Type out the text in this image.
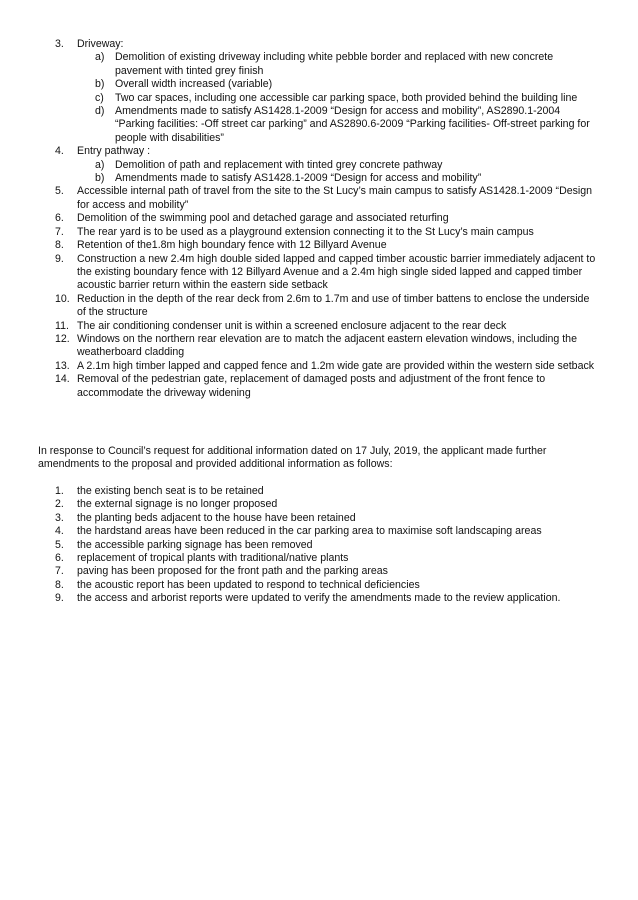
3.	Driveway:
a) Demolition of existing driveway including white pebble border and replaced with new concrete pavement with tinted grey finish
b) Overall width increased (variable)
c) Two car spaces, including one accessible car parking space, both provided behind the building line
d) Amendments made to satisfy AS1428.1-2009 “Design for access and mobility”, AS2890.1-2004 “Parking facilities: -Off street car parking” and AS2890.6-2009 “Parking facilities- Off-street parking for people with disabilities”
4.	Entry pathway :
a) Demolition of path and replacement with tinted grey concrete pathway
b) Amendments made to satisfy AS1428.1-2009 “Design for access and mobility”
5.	Accessible internal path of travel from the site to the St Lucy’s main campus to satisfy AS1428.1-2009 “Design for access and mobility”
6.	Demolition of the swimming pool and detached garage and associated returfing
7.	The rear yard is to be used as a playground extension connecting it to the St Lucy’s main campus
8.	Retention of the1.8m high boundary fence with 12 Billyard Avenue
9.	Construction a new 2.4m high double sided lapped and capped timber acoustic barrier immediately adjacent to the existing boundary fence with 12 Billyard Avenue and a 2.4m high single sided lapped and capped timber acoustic barrier return within the eastern side setback
10. Reduction in the depth of the rear deck from 2.6m to 1.7m and use of timber battens to enclose the underside of the structure
11. The air conditioning condenser unit is within a screened enclosure adjacent to the rear deck
12. Windows on the northern rear elevation are to match the adjacent eastern elevation windows, including the weatherboard cladding
13. A 2.1m high timber lapped and capped fence and 1.2m wide gate are provided within the western side setback
14. Removal of the pedestrian gate, replacement of damaged posts and adjustment of the front fence to accommodate the driveway widening
In response to Council’s request for additional information dated on 17 July, 2019, the applicant made further amendments to the proposal and provided additional information as follows:
1.	the existing bench seat is to be retained
2.	the external signage is no longer proposed
3.	the planting beds adjacent to the house have been retained
4.	the hardstand areas have been reduced in the car parking area to maximise soft landscaping areas
5.	the accessible parking signage has been removed
6.	replacement of tropical plants with traditional/native plants
7.	paving has been proposed for the front path and the parking areas
8.	the acoustic report has been updated to respond to technical deficiencies
9.	the access and arborist reports were updated to verify the amendments made to the review application.
